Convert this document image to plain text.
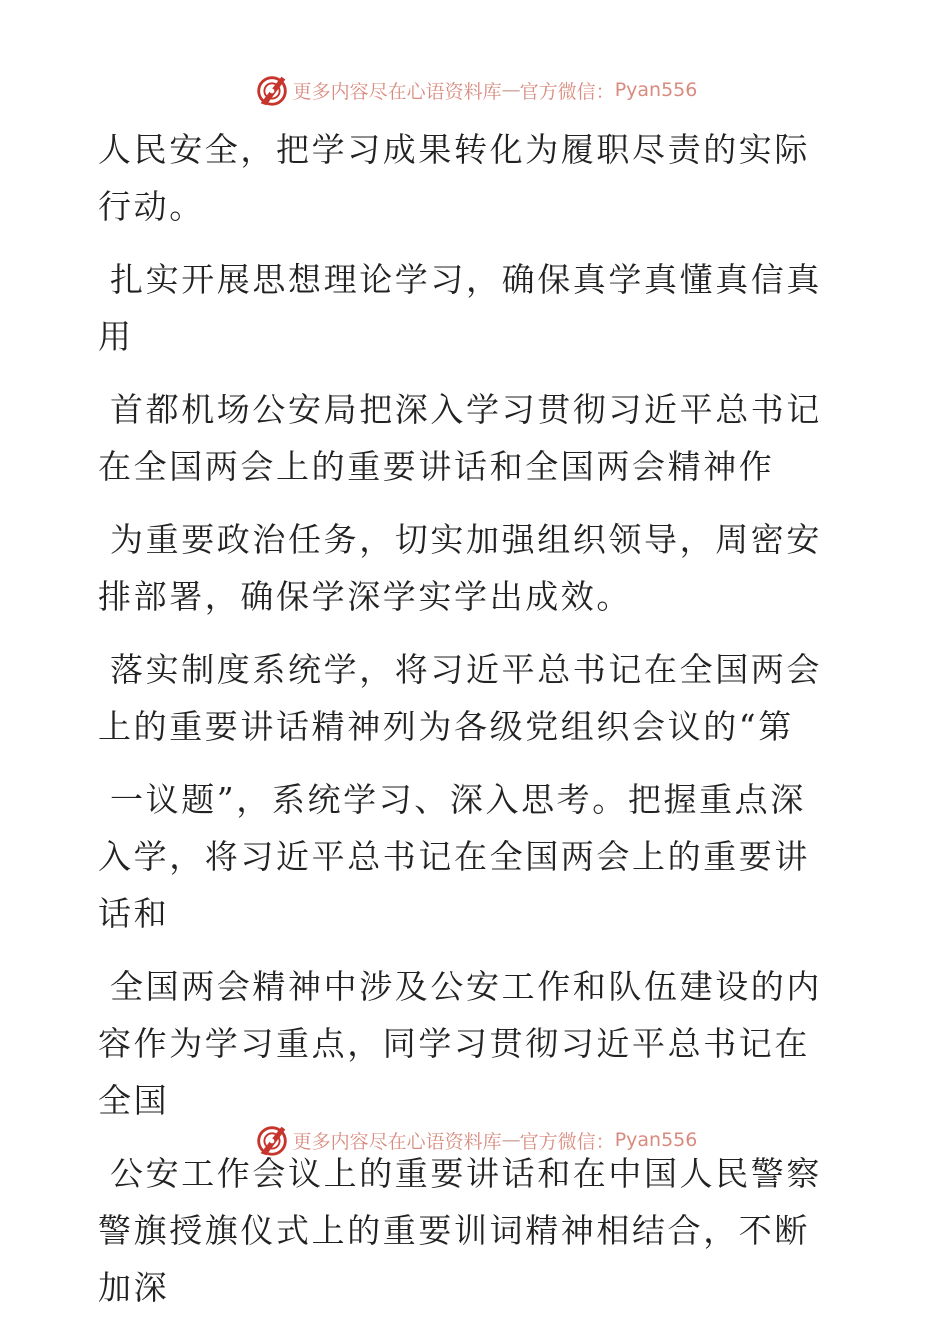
更多内容尽在心语资料库 — 官方微信： Pyan556

人民安全，把学习成果转化为履职尽责的实际行动。

扎实开展思想理论学习，确保真学真懂真信真用

首都机场公安局把深入学习贯彻习近平总书记在全国两会上的重要讲话和全国两会精神作

为重要政治任务，切实加强组织领导，周密安排部署，确保学深学实学出成效。

落实制度系统学，将习近平总书记在全国两会上的重要讲话精神列为各级党组织会议的“第

一议题”，系统学习、深入思考。把握重点深入学，将习近平总书记在全国两会上的重要讲话和

全国两会精神中涉及公安工作和队伍建设的内容作为学习重点，同学习贯彻习近平总书记在全国

公安工作会议上的重要讲话和在中国人民警察警旗授旗仪式上的重要训词精神相结合，不断加深

更多内容尽在心语资料库 — 官方微信： Pyan556
